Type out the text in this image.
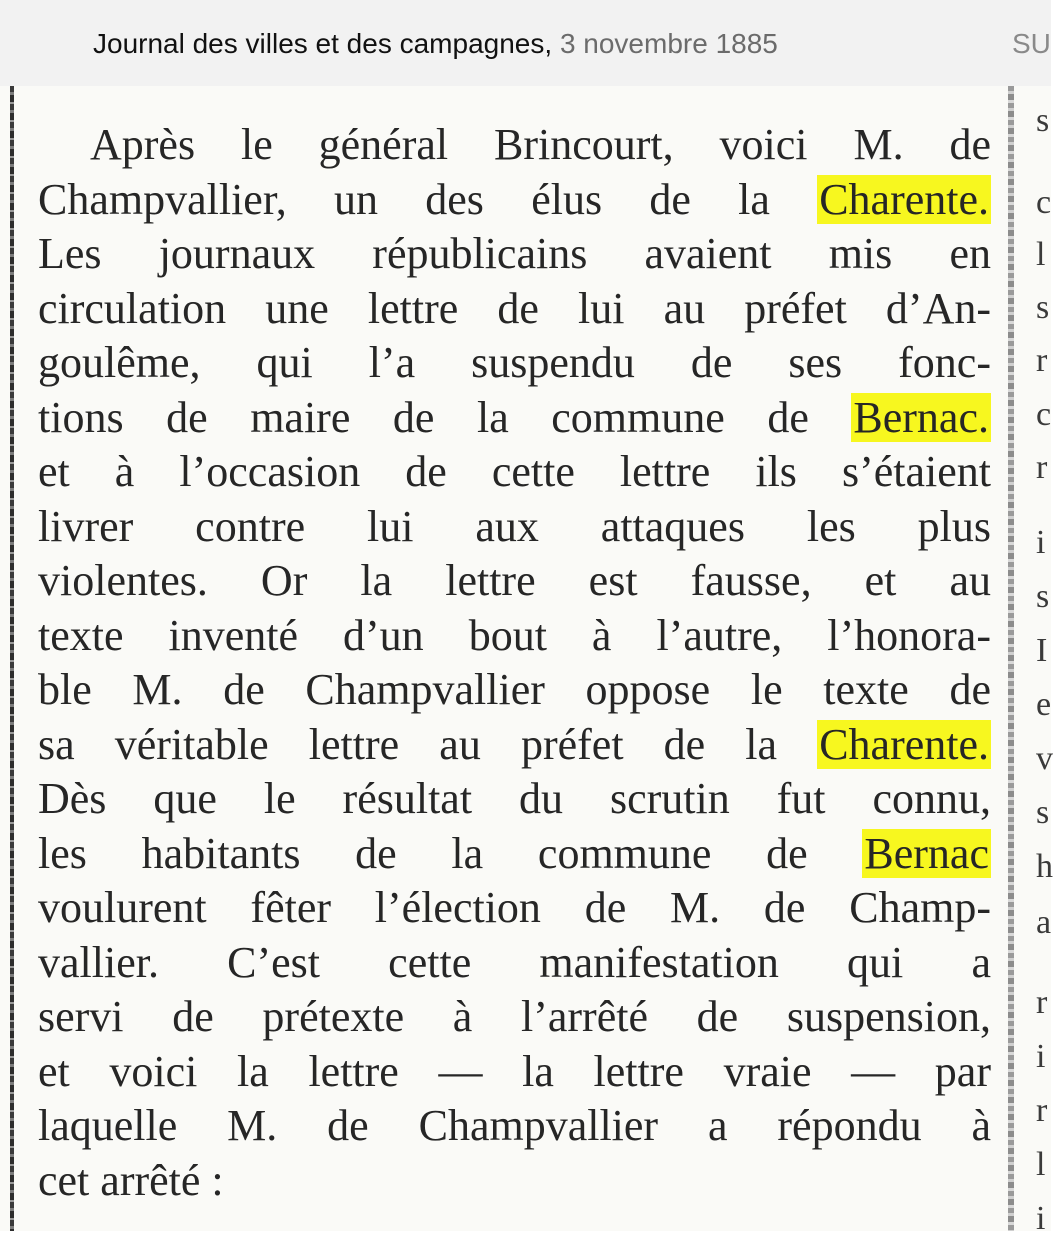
Journal des villes et des campagnes, 3 novembre 1885	SU
Après le général Brincourt, voici M. de
Champvallier, un des élus de la Charente.
Les journaux républicains avaient mis en
circulation une lettre de lui au préfet d’An-
goulême, qui l’a suspendu de ses fonc-
tions de maire de la commune de Bernac.
et à l’occasion de cette lettre ils s’étaient
livrer contre lui aux attaques les plus
violentes. Or la lettre est fausse, et au
texte inventé d’un bout à l’autre, l’honora-
ble M. de Champvallier oppose le texte de
sa véritable lettre au préfet de la Charente.
Dès que le résultat du scrutin fut connu,
les habitants de la commune de Bernac
voulurent fêter l’élection de M. de Champ-
vallier. C’est cette manifestation qui a
servi de prétexte à l’arrêté de suspension,
et voici la lettre — la lettre vraie — par
laquelle M. de Champvallier a répondu à
cet arrêté :
s
c
l
s
r
c
r
i
s
I
e
v
s
h
a
r
i
r
l
i
